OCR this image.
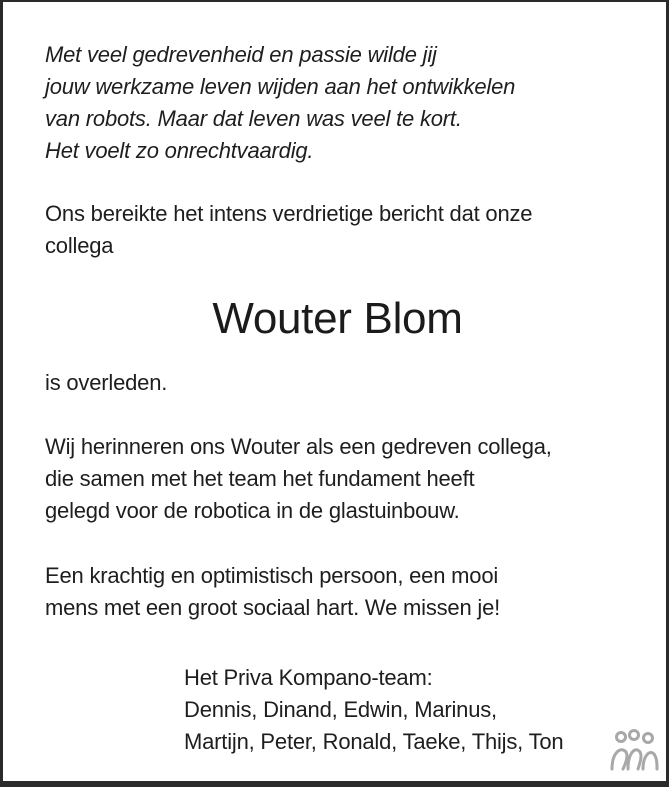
Met veel gedrevenheid en passie wilde jij
jouw werkzame leven wijden aan het ontwikkelen
van robots. Maar dat leven was veel te kort.
Het voelt zo onrechtvaardig.
Ons bereikte het intens verdrietige bericht dat onze
collega
Wouter Blom
is overleden.
Wij herinneren ons Wouter als een gedreven collega,
die samen met het team het fundament heeft
gelegd voor de robotica in de glastuinbouw.
Een krachtig en optimistisch persoon, een mooi
mens met een groot sociaal hart. We missen je!
Het Priva Kompano-team:
Dennis, Dinand, Edwin, Marinus,
Martijn, Peter, Ronald, Taeke, Thijs, Ton
